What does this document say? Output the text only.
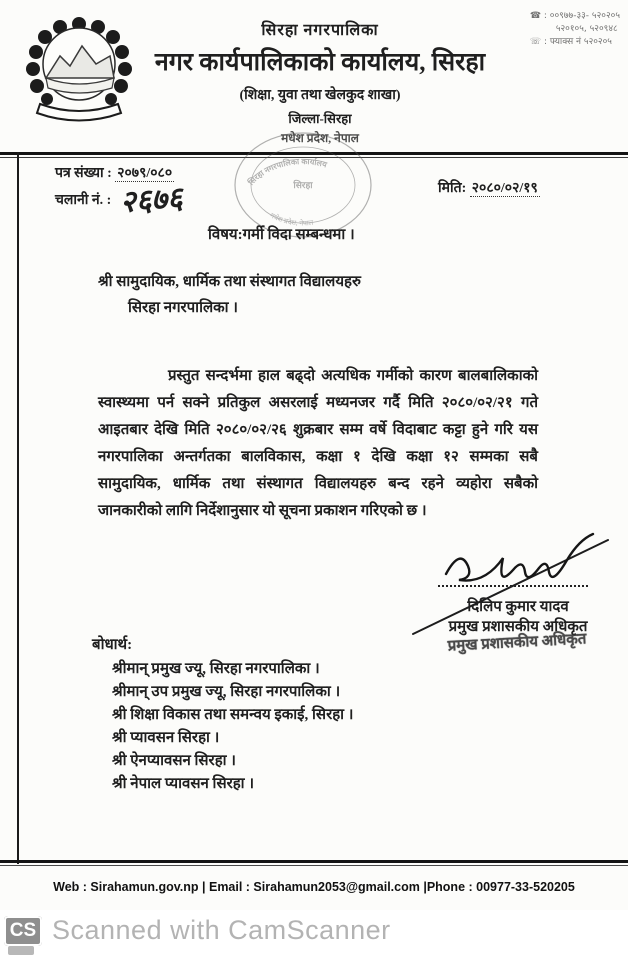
सिरहा नगरपालिका
नगर कार्यपालिकाको कार्यालय, सिरहा
(शिक्षा, युवा तथा खेलकुद शाखा)
जिल्ला-सिरहा
मधेश प्रदेश, नेपाल
☎ : ००९७७-३३- ५२०२०५
५२०१०५, ५२०९४८
☏ : फ्याक्स नं ५२०२०५
सिरहा नगरपालिका कार्यालय
मधेश प्रदेश, नेपाल
सिरहा
पत्र संख्या : २०७९/०८०
चलानी नं. : २६७६	मिति: २०८०/०२/१९
विषय:गर्मी विदा सम्बन्धमा ।
श्री सामुदायिक, धार्मिक तथा संस्थागत विद्यालयहरु
सिरहा नगरपालिका ।

प्रस्तुत सन्दर्भमा हाल बढ्दो अत्यधिक गर्मीको कारण बालबालिकाको स्वास्थ्यमा पर्न सक्ने प्रतिकुल असरलाई मध्यनजर गर्दै मिति २०८०/०२/२१ गते आइतबार देखि मिति २०८०/०२/२६ शुक्रबार सम्म वर्षे विदाबाट कट्टा हुने गरि यस नगरपालिका अन्तर्गतका बालविकास, कक्षा १ देखि कक्षा १२ सम्मका सबै सामुदायिक, धार्मिक तथा संस्थागत विद्यालयहरु बन्द रहने व्यहोरा सबैको जानकारीको लागि निर्देशानुसार यो सूचना प्रकाशन गरिएको छ ।

दिलिप कुमार यादव
प्रमुख प्रशासकीय अधिकृत
प्रमुख प्रशासकीय अधिकृत
बोधार्थ:
श्रीमान् प्रमुख ज्यू, सिरहा नगरपालिका ।
श्रीमान् उप प्रमुख ज्यू, सिरहा नगरपालिका ।
श्री शिक्षा विकास तथा समन्वय इकाई, सिरहा ।
श्री प्यावसन सिरहा ।
श्री ऐनप्यावसन सिरहा ।
श्री नेपाल प्यावसन सिरहा ।
Web : Sirahamun.gov.np | Email : Sirahamun2053@gmail.com |Phone : 00977-33-520205
CS Scanned with CamScanner
